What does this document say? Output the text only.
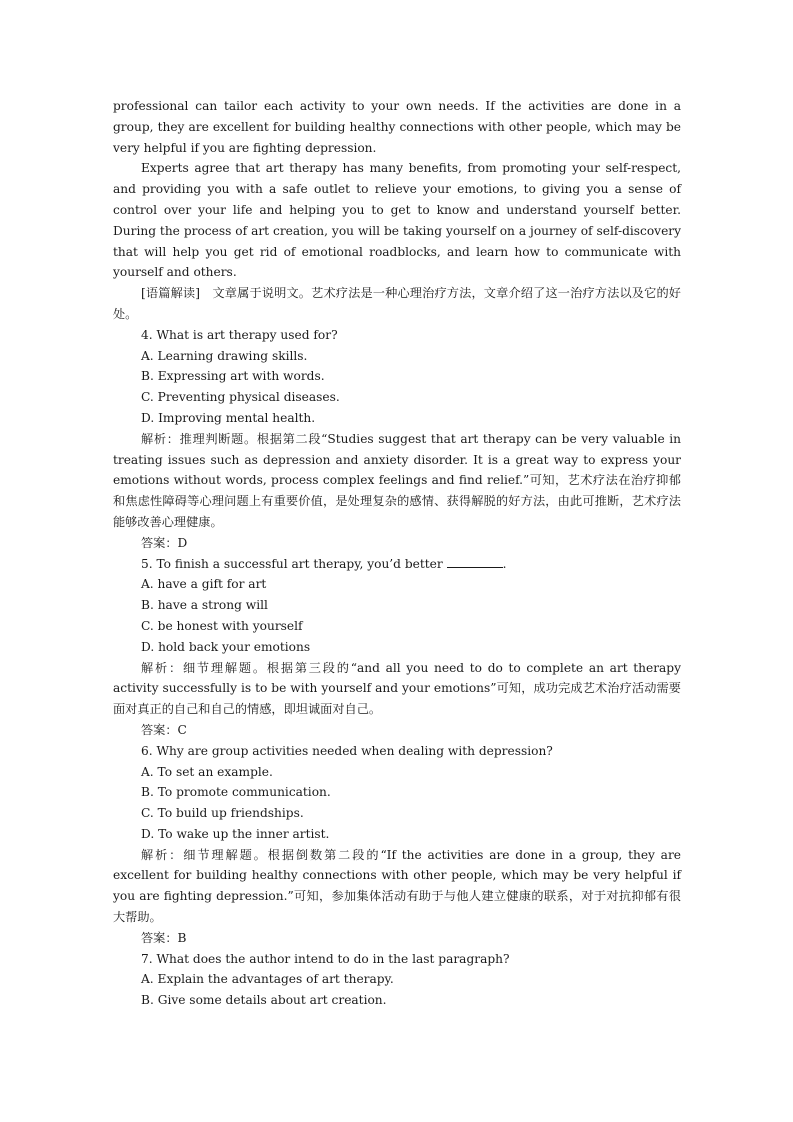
professional can tailor each activity to your own needs. If the activities are done in a group, they are excellent for building healthy connections with other people, which may be very helpful if you are fighting depression.

Experts agree that art therapy has many benefits, from promoting your self-respect, and providing you with a safe outlet to relieve your emotions, to giving you a sense of control over your life and helping you to get to know and understand yourself better. During the process of art creation, you will be taking yourself on a journey of self-discovery that will help you get rid of emotional roadblocks, and learn how to communicate with yourself and others.

[语篇解读]　文章属于说明文。艺术疗法是一种心理治疗方法，文章介绍了这一治疗方法以及它的好处。

4. What is art therapy used for?

A. Learning drawing skills.

B. Expressing art with words.

C. Preventing physical diseases.

D. Improving mental health.

解析：推理判断题。根据第二段“Studies suggest that art therapy can be very valuable in treating issues such as depression and anxiety disorder. It is a great way to express your emotions without words, process complex feelings and find relief.”可知，艺术疗法在治疗抑郁和焦虑性障碍等心理问题上有重要价值，是处理复杂的感情、获得解脱的好方法，由此可推断，艺术疗法能够改善心理健康。

答案：D

5. To finish a successful art therapy, you’d better	.

A. have a gift for art

B. have a strong will

C. be honest with yourself

D. hold back your emotions

解析：细节理解题。根据第三段的“and all you need to do to complete an art therapy activity successfully is to be with yourself and your emotions”可知，成功完成艺术治疗活动需要面对真正的自己和自己的情感，即坦诚面对自己。

答案：C

6. Why are group activities needed when dealing with depression?

A. To set an example.

B. To promote communication.

C. To build up friendships.

D. To wake up the inner artist.

解析：细节理解题。根据倒数第二段的“If the activities are done in a group, they are excellent for building healthy connections with other people, which may be very helpful if you are fighting depression.”可知，参加集体活动有助于与他人建立健康的联系，对于对抗抑郁有很大帮助。

答案：B

7. What does the author intend to do in the last paragraph?

A. Explain the advantages of art therapy.

B. Give some details about art creation.
